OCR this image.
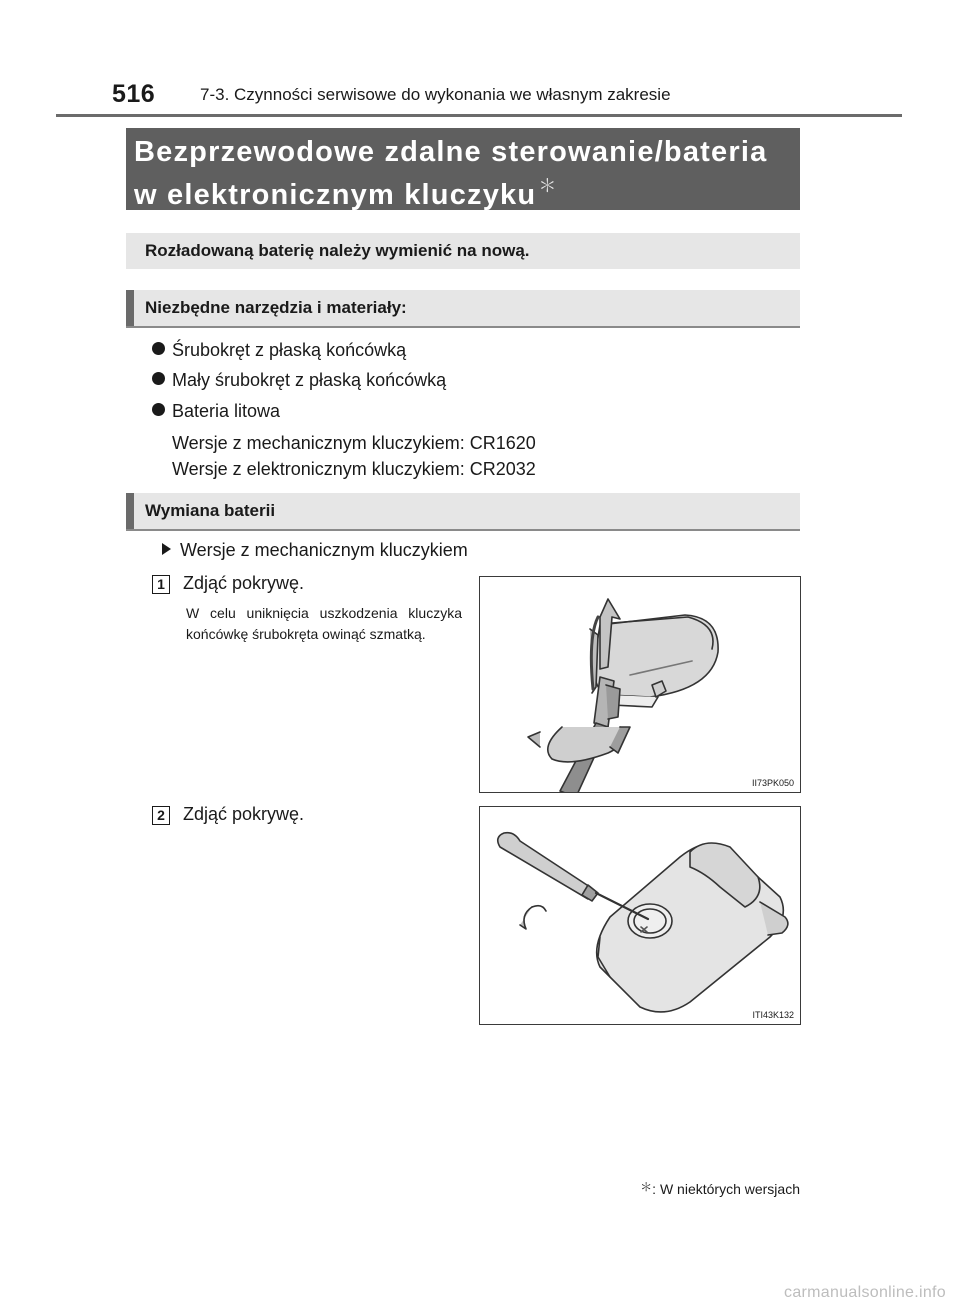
516	7-3. Czynności serwisowe do wykonania we własnym zakresie
Bezprzewodowe zdalne sterowanie/bateria
w elektronicznym kluczyku ＊
Rozładowaną baterię należy wymienić na nową.
Niezbędne narzędzia i materiały:
Śrubokręt z płaską końcówką
Mały śrubokręt z płaską końcówką
Bateria litowa
Wersje z mechanicznym kluczykiem: CR1620
Wersje z elektronicznym kluczykiem: CR2032
Wymiana baterii
Wersje z mechanicznym kluczykiem
1 Zdjąć pokrywę.
W celu uniknięcia uszkodzenia kluczyka końcówkę śrubokręta owinąć szmatką.
II73PK050
2 Zdjąć pokrywę.
ITI43K132
＊: W niektórych wersjach
carmanualsonline.info
